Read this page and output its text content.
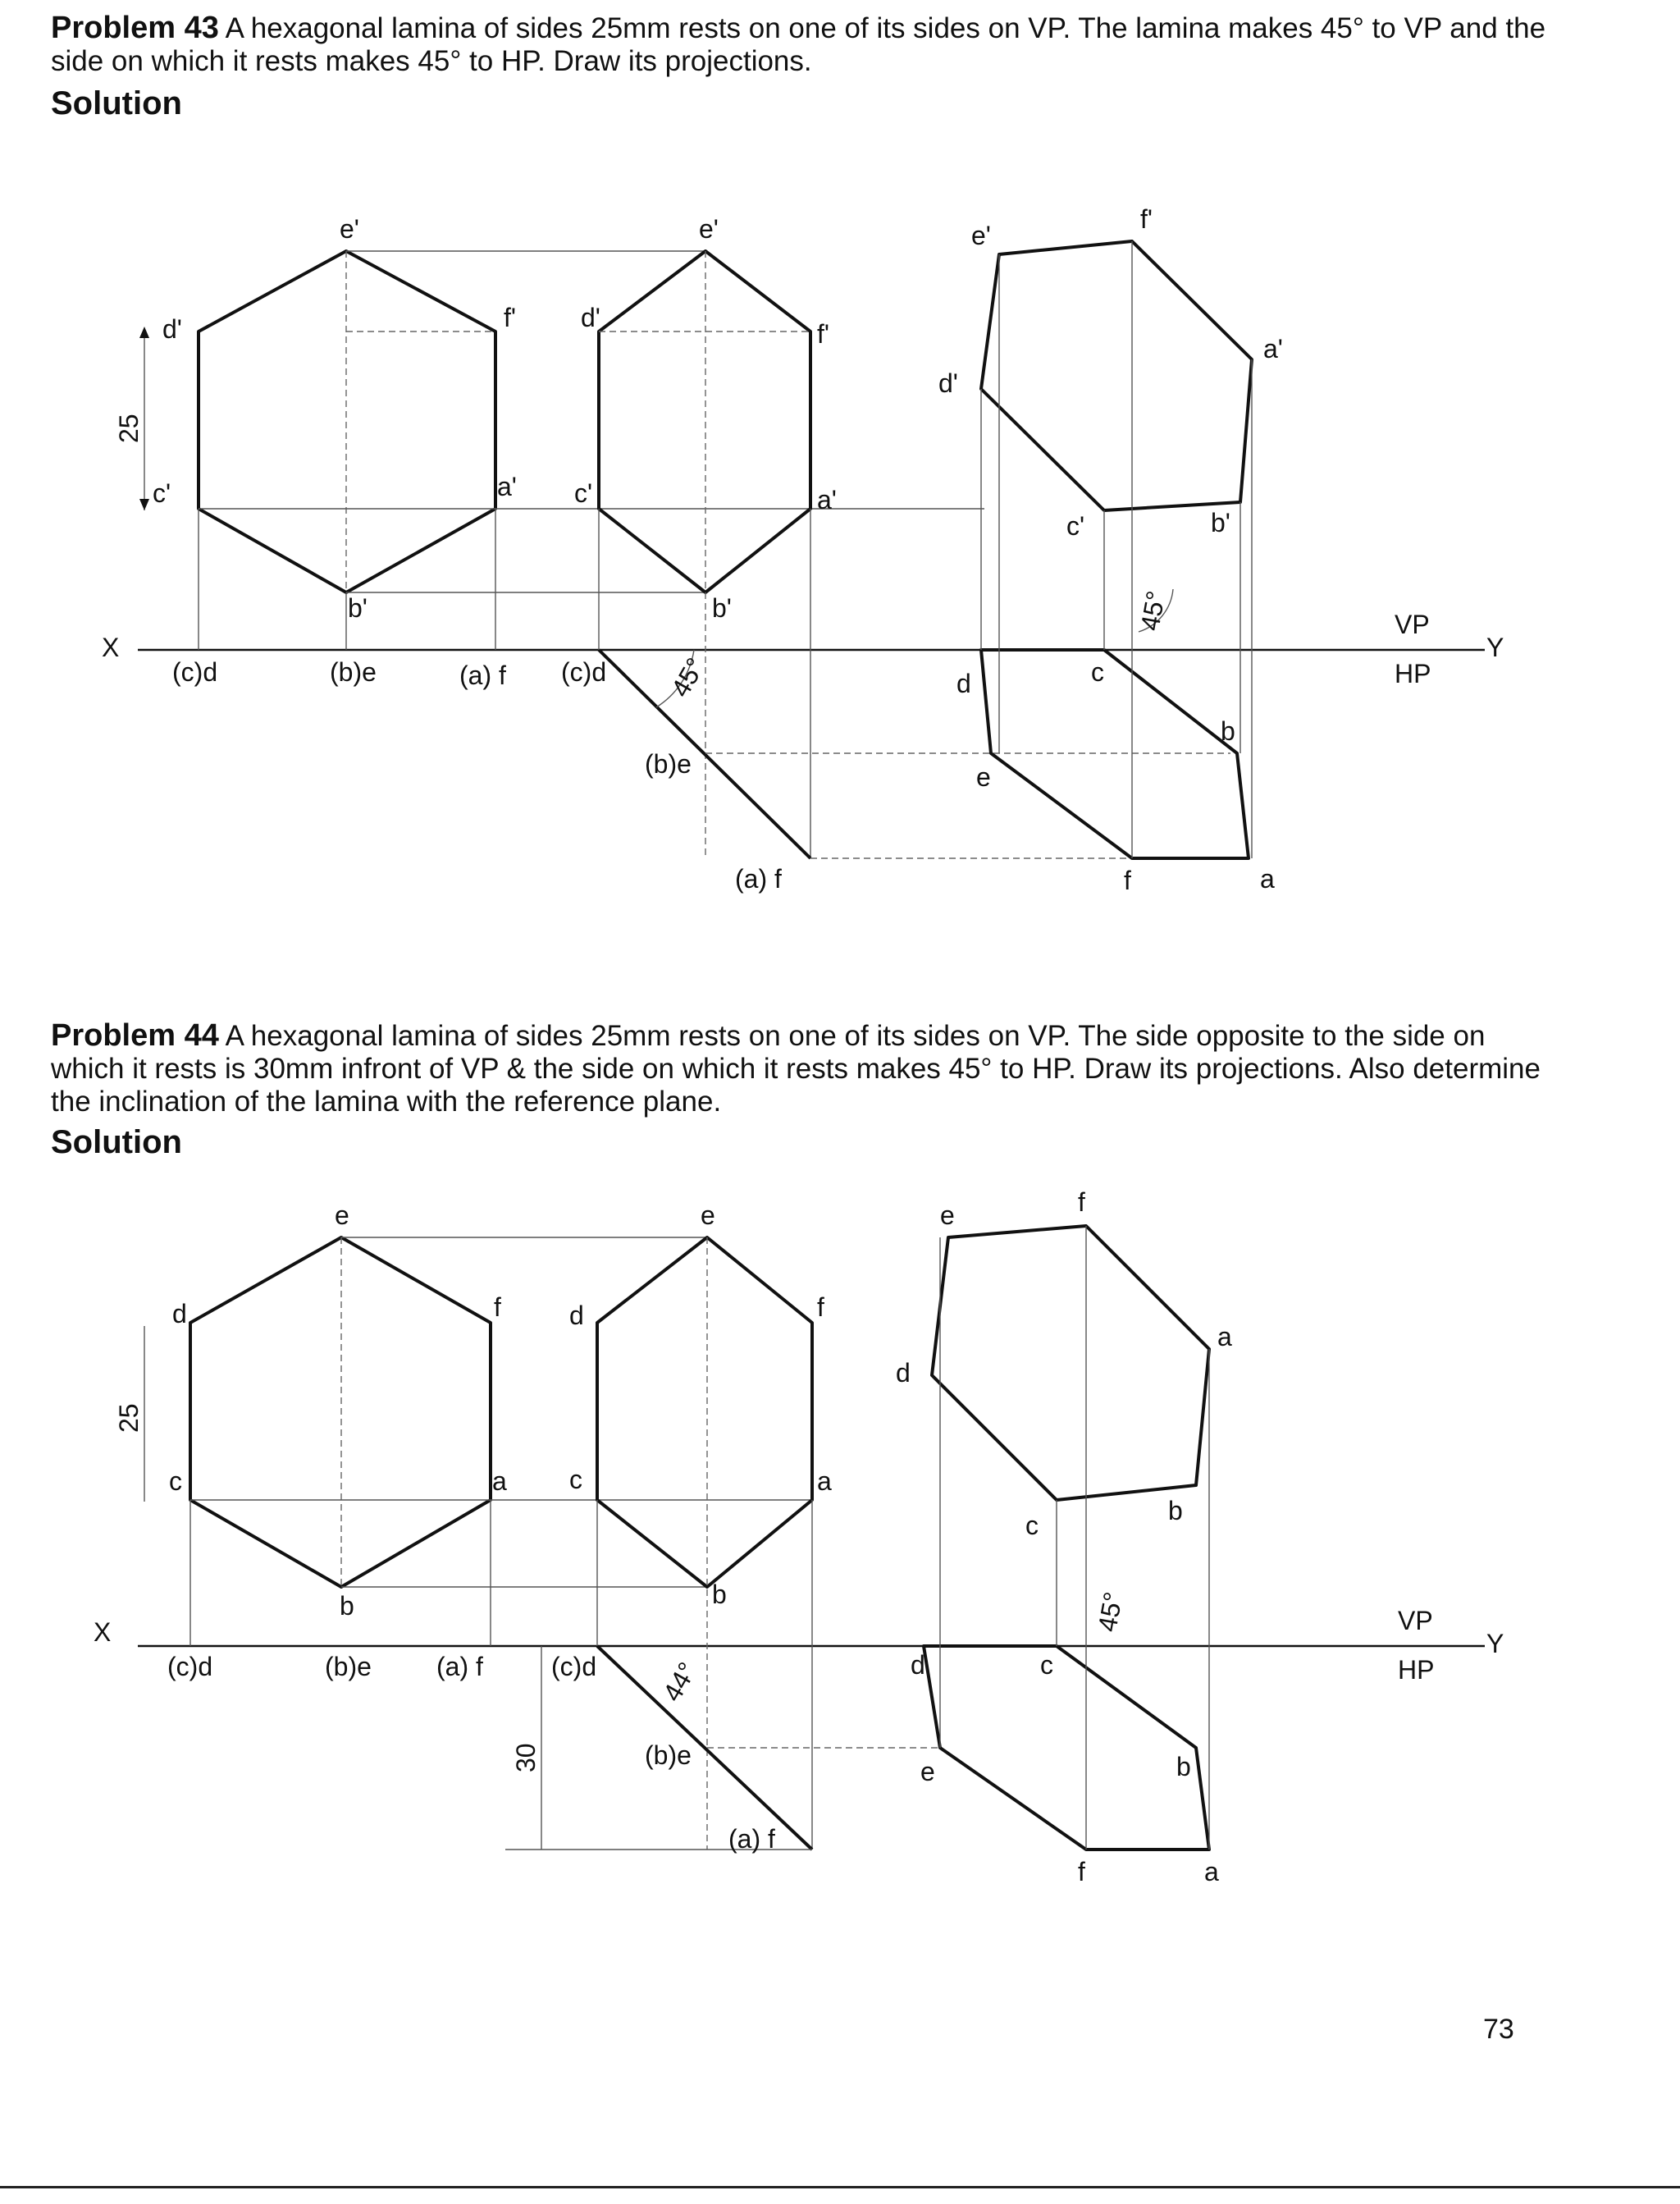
Problem 43 A hexagonal lamina of sides 25mm rests on one of its sides on VP. The lamina makes 45° to VP and the side on which it rests makes 45° to HP. Draw its projections.

Solution

X	Y
VP
HP
25
e'
d'	f'
c'	a'
b'
(c)d	(b)e	(a) f
e'
d'
f'
c'	a'
b'
45°
(c)d
(b)e
(a) f
e'
f'
a'
d'
c'	b'
45°
d	c
b
e
f	a

Problem 44 A hexagonal lamina of sides 25mm rests on one of its sides on VP. The side opposite to the side on which it rests is 30mm infront of VP & the side on which it rests makes 45° to HP. Draw its projections. Also determine the inclination of the lamina with the reference plane.

Solution

X	Y
VP
HP
25
e
d	f
c	a
b
(c)d	(b)e (a) f
30
e
d	f
c	a
b
44°
(c)d
(b)e
(a) f
e	f
a
d
c	b
45°
d	c
b
e
f	a

73
